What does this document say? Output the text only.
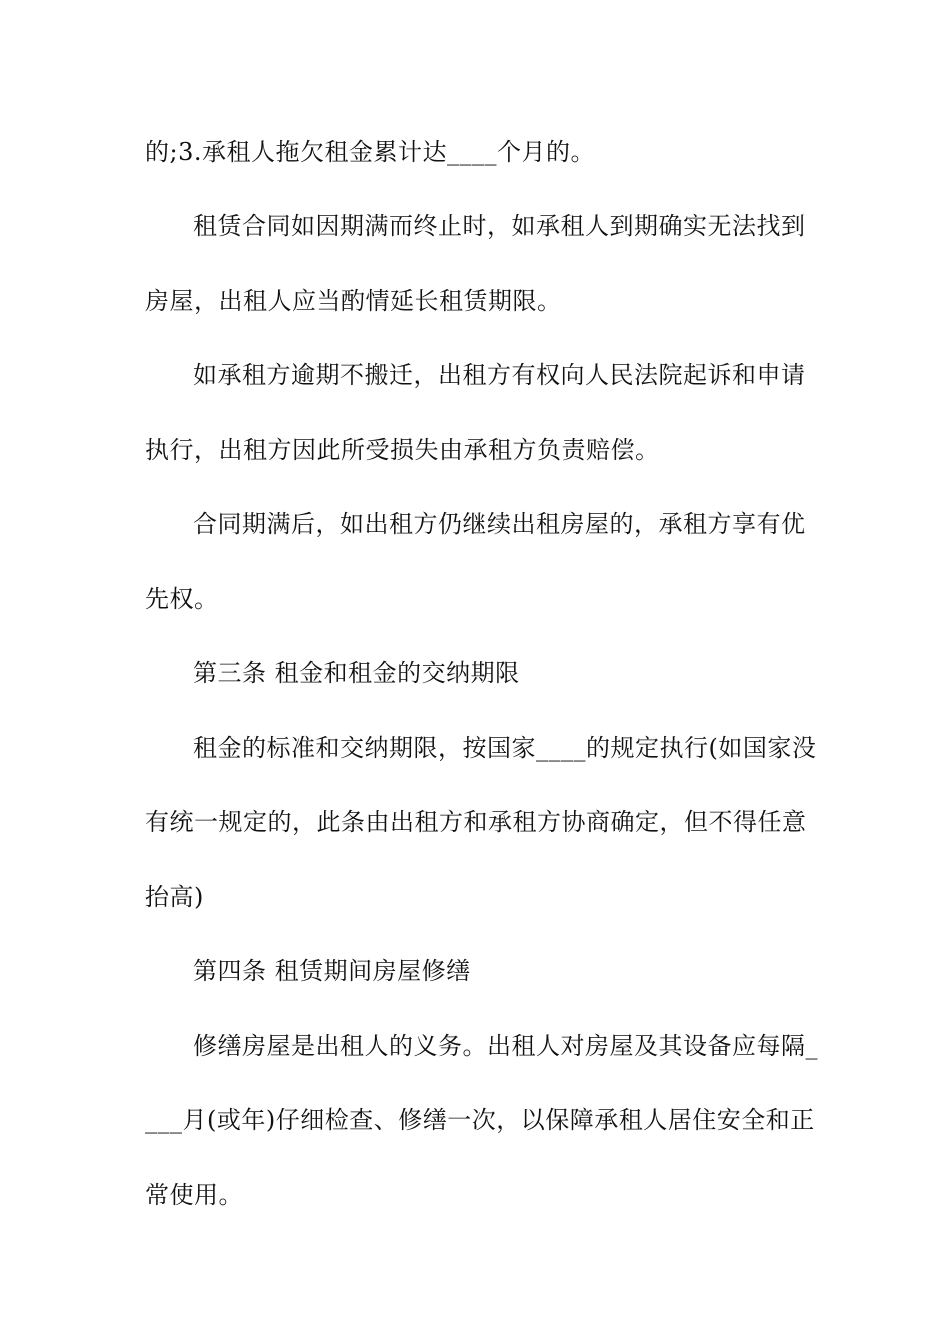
的;3.承租人拖欠租金累计达____个月的。
租赁合同如因期满而终止时，如承租人到期确实无法找到
房屋，出租人应当酌情延长租赁期限。
如承租方逾期不搬迁，出租方有权向人民法院起诉和申请
执行，出租方因此所受损失由承租方负责赔偿。
合同期满后，如出租方仍继续出租房屋的，承租方享有优
先权。
第三条 租金和租金的交纳期限
租金的标准和交纳期限，按国家____的规定执行(如国家没
有统一规定的，此条由出租方和承租方协商确定，但不得任意
抬高)
第四条 租赁期间房屋修缮
修缮房屋是出租人的义务。出租人对房屋及其设备应每隔_
___月(或年)仔细检查、修缮一次，以保障承租人居住安全和正
常使用。
